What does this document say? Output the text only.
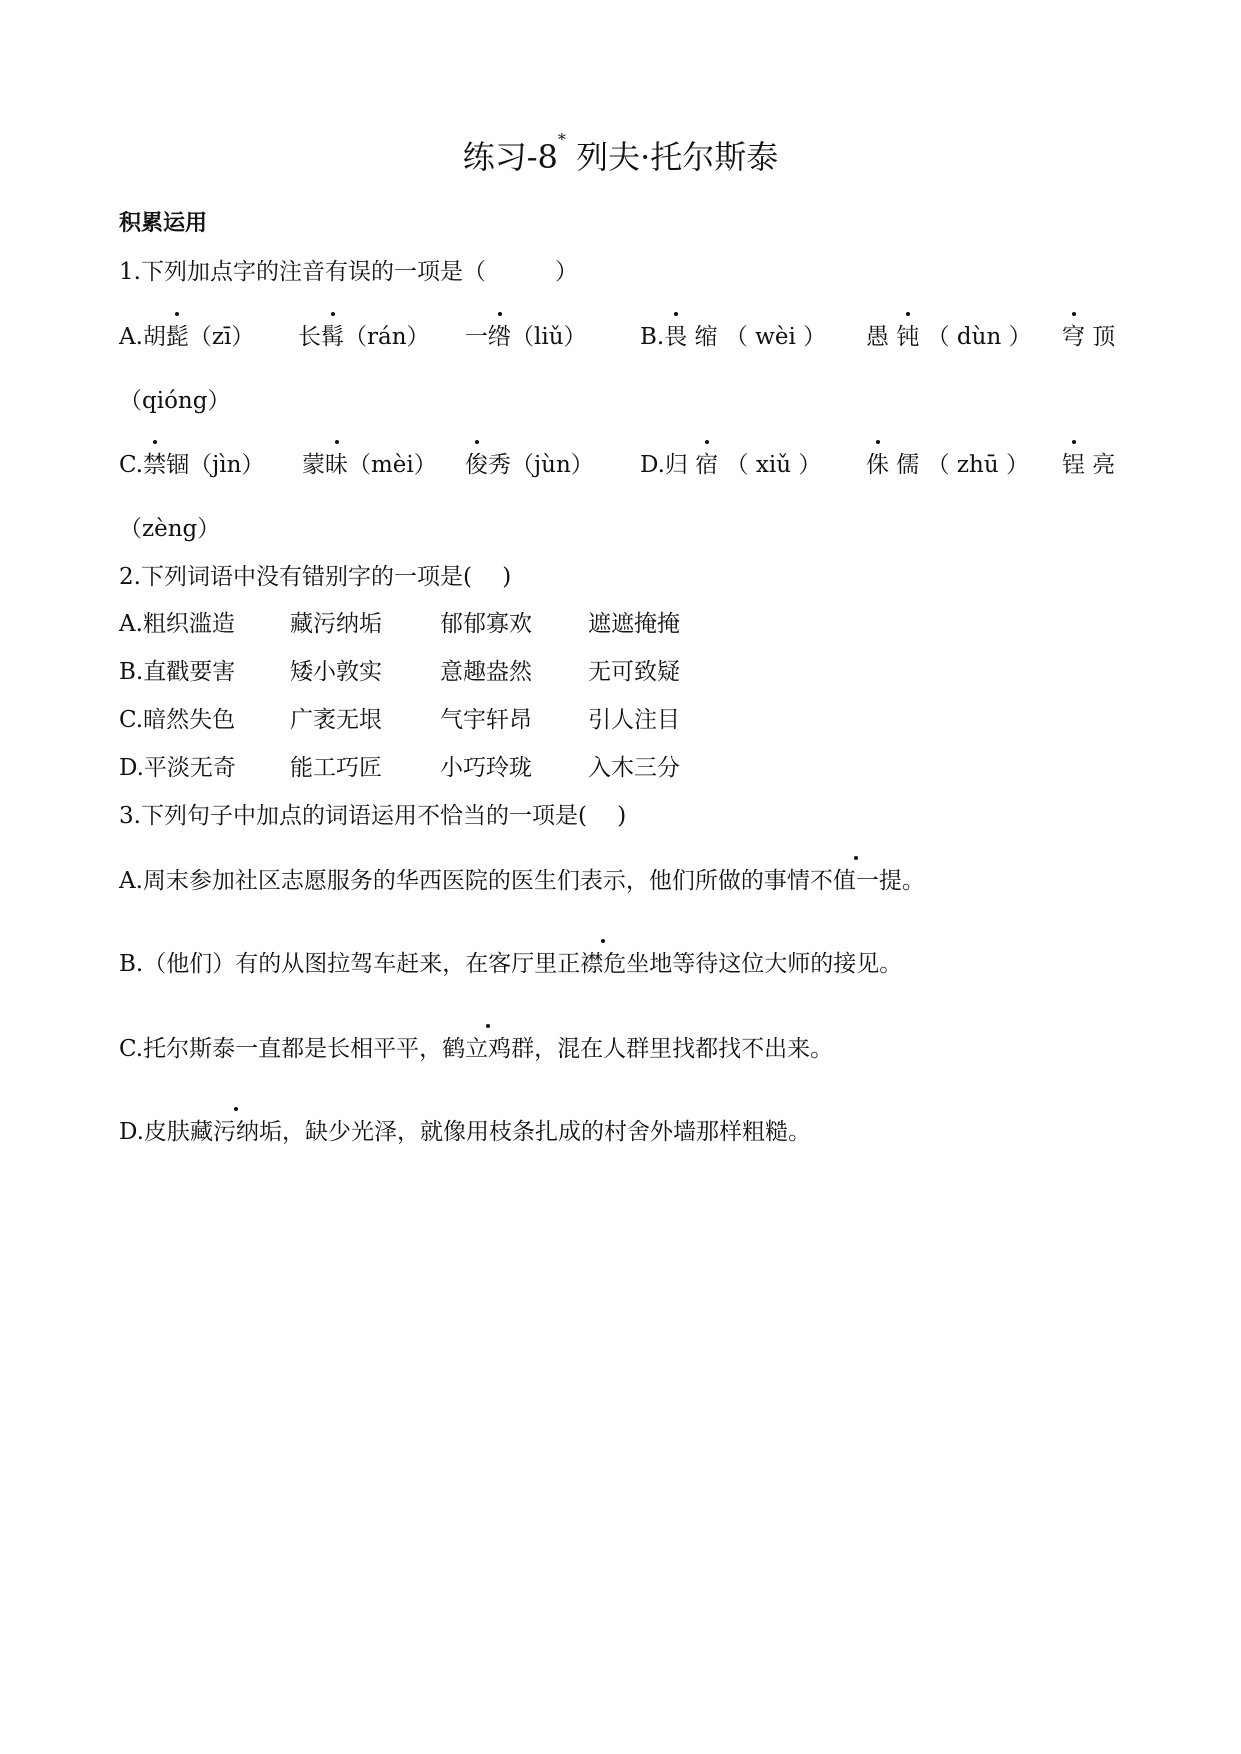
练习-8* 列夫·托尔斯泰
积累运用
1.下列加点字的注音有误的一项是（　　　）
A.胡髭（zī） 长髯（rán） 一绺（liǔ） B.畏 缩 （ wèi ） 愚 钝 （ dùn ） 穹 顶
（qióng）
C.禁锢（jìn） 蒙昧（mèi） 俊秀（jùn） D.归 宿 （ xiǔ ） 侏 儒 （ zhū ） 锃 亮
（zèng）
2.下列词语中没有错别字的一项是(　 )
A.粗织滥造 藏污纳垢	郁郁寡欢 遮遮掩掩
B.直戳要害 矮小敦实	意趣盎然 无可致疑
C.暗然失色 广袤无垠	气宇轩昂 引人注目
D.平淡无奇 能工巧匠	小巧玲珑 入木三分
3.下列句子中加点的词语运用不恰当的一项是(　 )
A.周末参加社区志愿服务的华西医院的医生们表示，他们所做的事情不值一提。
B.（他们）有的从图拉驾车赶来，在客厅里正襟危坐地等待这位大师的接见。
C.托尔斯泰一直都是长相平平，鹤立鸡群，混在人群里找都找不出来。
D.皮肤藏污纳垢，缺少光泽，就像用枝条扎成的村舍外墙那样粗糙。
